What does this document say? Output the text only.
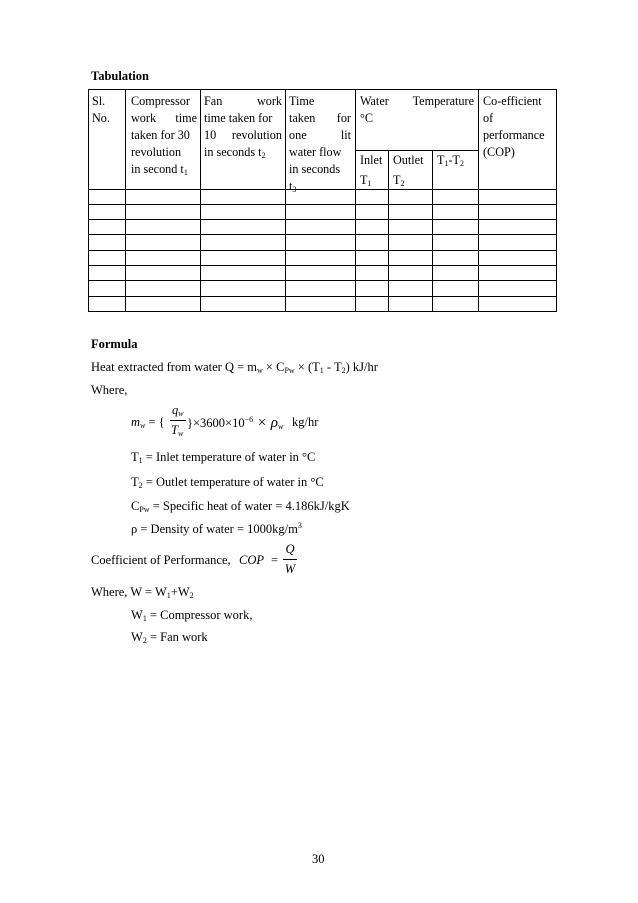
Tabulation
Sl.
No.
Compressor
work time
taken for 30
revolution
in second $t_1$
Fan work
time taken for
10 revolution
in seconds $t_2$
Time
taken for
one lit
water flow
in seconds
$t_3$
Water Temperature
°C
Inlet
$T_1$
Outlet
$T_2$
$T_1-T_2$
Co-efficient
of
performance
(COP)
Formula
Heat extracted from water $Q = m_w \times C_{Pw} \times (T_1 - T_2)$ kJ/hr
Where,
$m_w$ = {
$q_w$
$T_w$
}$\times 3600\times 10^{-6} \times \rho_w$ kg/hr
$T_1$ = Inlet temperature of water in °C
$T_2$ = Outlet temperature of water in °C
$C_{Pw}$ = Specific heat of water = 4.186kJ/kgK
ρ = Density of water = $1000kg/m^3$
Coefficient of Performance, COP =
Q
W
Where, $W = W_1+W_2$
$W_1$ = Compressor work,
$W_2$ = Fan work
30
